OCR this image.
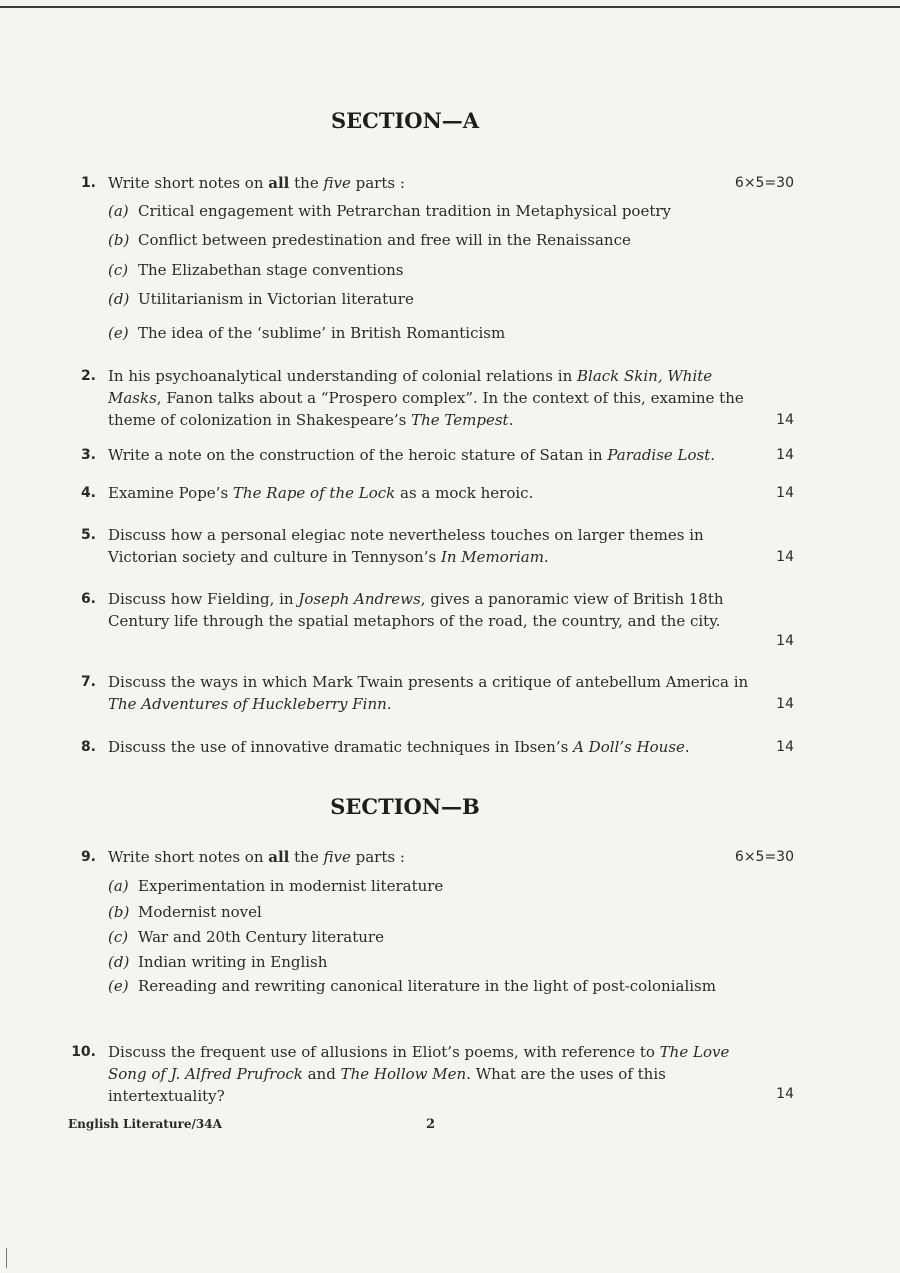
SECTION—A
1. Write short notes on all the five parts :	6×5=30
(a) Critical engagement with Petrarchan tradition in Metaphysical poetry
(b) Conflict between predestination and free will in the Renaissance
(c) The Elizabethan stage conventions
(d) Utilitarianism in Victorian literature
(e) The idea of the ‘sublime’ in British Romanticism
2. In his psychoanalytical understanding of colonial relations in Black Skin, White Masks, Fanon talks about a “Prospero complex”. In the context of this, examine the theme of colonization in Shakespeare’s The Tempest.	14
3. Write a note on the construction of the heroic stature of Satan in Paradise Lost.	14
4. Examine Pope’s The Rape of the Lock as a mock heroic.	14
5. Discuss how a personal elegiac note nevertheless touches on larger themes in Victorian society and culture in Tennyson’s In Memoriam.	14
6. Discuss how Fielding, in Joseph Andrews, gives a panoramic view of British 18th Century life through the spatial metaphors of the road, the country, and the city.
14
7. Discuss the ways in which Mark Twain presents a critique of antebellum America in The Adventures of Huckleberry Finn.	14
8. Discuss the use of innovative dramatic techniques in Ibsen’s A Doll’s House.	14
SECTION—B
9. Write short notes on all the five parts :	6×5=30
(a) Experimentation in modernist literature
(b) Modernist novel
(c) War and 20th Century literature
(d) Indian writing in English
(e) Rereading and rewriting canonical literature in the light of post-colonialism
10. Discuss the frequent use of allusions in Eliot’s poems, with reference to The Love Song of J. Alfred Prufrock and The Hollow Men. What are the uses of this intertextuality?	14
English Literature/34A	2
